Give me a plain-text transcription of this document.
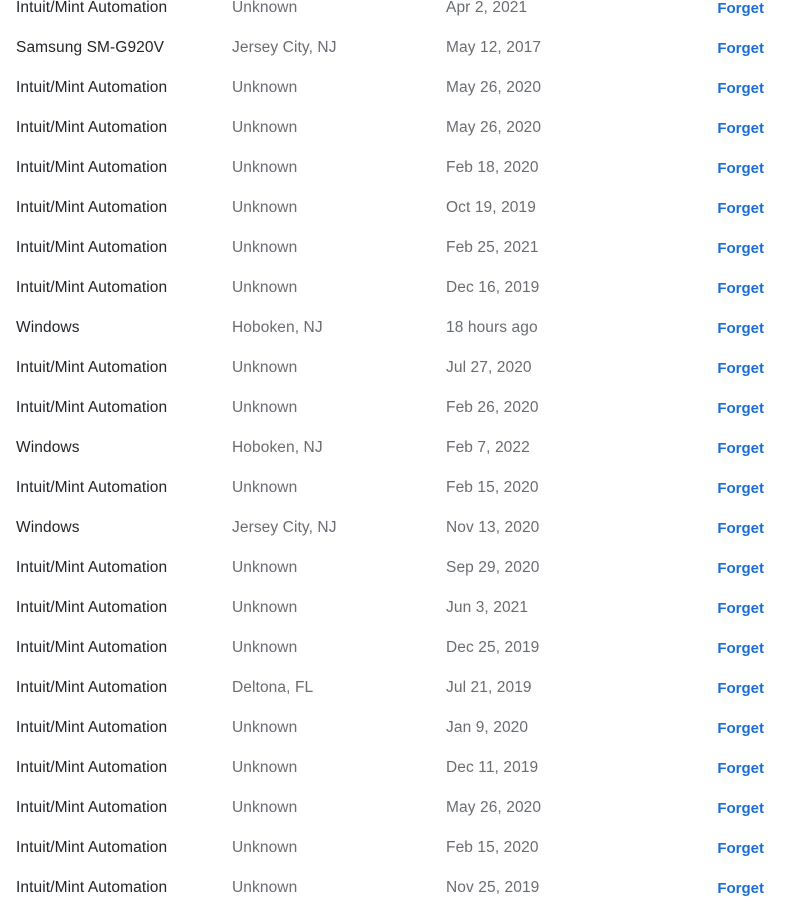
Intuit/Mint Automation	Unknown	Apr 2, 2021	Forget
Samsung SM-G920V	Jersey City, NJ	May 12, 2017	Forget
Intuit/Mint Automation	Unknown	May 26, 2020	Forget
Intuit/Mint Automation	Unknown	May 26, 2020	Forget
Intuit/Mint Automation	Unknown	Feb 18, 2020	Forget
Intuit/Mint Automation	Unknown	Oct 19, 2019	Forget
Intuit/Mint Automation	Unknown	Feb 25, 2021	Forget
Intuit/Mint Automation	Unknown	Dec 16, 2019	Forget
Windows	Hoboken, NJ	18 hours ago	Forget
Intuit/Mint Automation	Unknown	Jul 27, 2020	Forget
Intuit/Mint Automation	Unknown	Feb 26, 2020	Forget
Windows	Hoboken, NJ	Feb 7, 2022	Forget
Intuit/Mint Automation	Unknown	Feb 15, 2020	Forget
Windows	Jersey City, NJ	Nov 13, 2020	Forget
Intuit/Mint Automation	Unknown	Sep 29, 2020	Forget
Intuit/Mint Automation	Unknown	Jun 3, 2021	Forget
Intuit/Mint Automation	Unknown	Dec 25, 2019	Forget
Intuit/Mint Automation	Deltona, FL	Jul 21, 2019	Forget
Intuit/Mint Automation	Unknown	Jan 9, 2020	Forget
Intuit/Mint Automation	Unknown	Dec 11, 2019	Forget
Intuit/Mint Automation	Unknown	May 26, 2020	Forget
Intuit/Mint Automation	Unknown	Feb 15, 2020	Forget
Intuit/Mint Automation	Unknown	Nov 25, 2019	Forget
